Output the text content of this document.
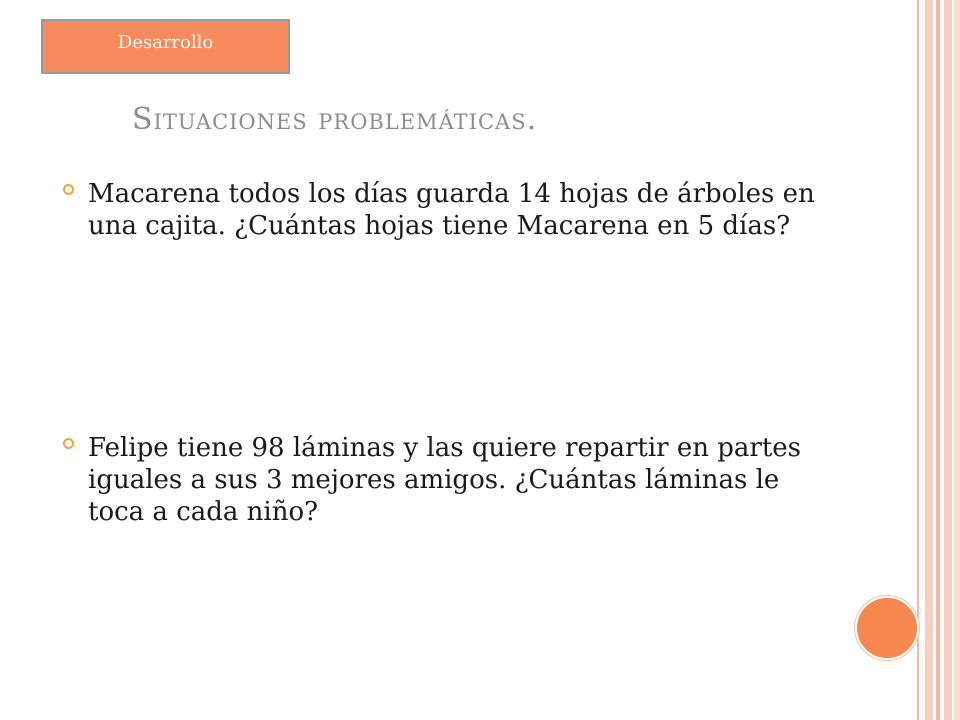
Desarrollo
Situaciones problemáticas.

Macarena todos los días guarda 14 hojas de árboles en una cajita. ¿Cuántas hojas tiene Macarena en 5 días?

Felipe tiene 98 láminas y las quiere repartir en partes iguales a sus 3 mejores amigos. ¿Cuántas láminas le toca a cada niño?
